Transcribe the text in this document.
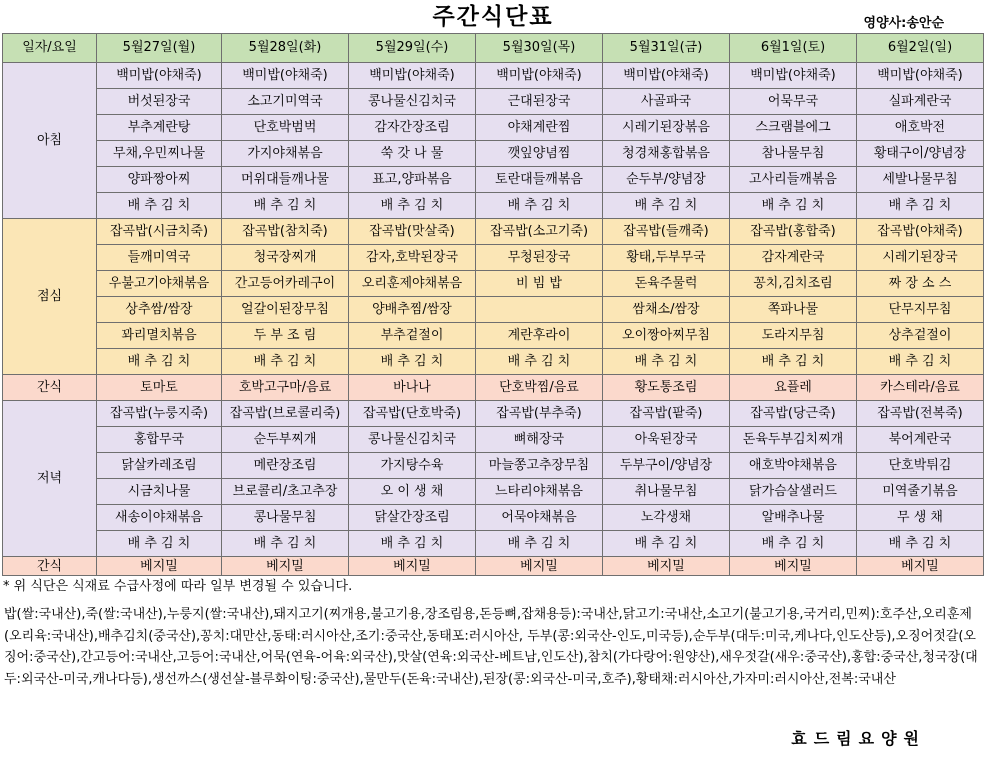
주간식단표	영양사:송안순
일자/요일	5월27일(월)	5월28일(화)	5월29일(수)	5월30일(목)	5월31일(금)	6월1일(토)	6월2일(일)
아침	백미밥(야채죽)	백미밥(야채죽)	백미밥(야채죽)	백미밥(야채죽)	백미밥(야채죽)	백미밥(야채죽)	백미밥(야채죽)
	버섯된장국	소고기미역국	콩나물신김치국	근대된장국	사골파국	어묵무국	실파계란국
	부추계란탕	단호박범벅	감자간장조림	야채계란찜	시레기된장볶음	스크램블에그	애호박전
	무채,우민찌나물	가지야채볶음	쑥 갓 나 물	깻잎양념찜	청경채홍합볶음	참나물무침	황태구이/양념장
	양파짱아찌	머위대들깨나물	표고,양파볶음	토란대들깨볶음	순두부/양념장	고사리들깨볶음	세발나물무침
	배 추 김 치	배 추 김 치	배 추 김 치	배 추 김 치	배 추 김 치	배 추 김 치	배 추 김 치
점심	잡곡밥(시금치죽)	잡곡밥(참치죽)	잡곡밥(맛살죽)	잡곡밥(소고기죽)	잡곡밥(들깨죽)	잡곡밥(홍합죽)	잡곡밥(야채죽)
	들깨미역국	청국장찌개	감자,호박된장국	무청된장국	황태,두부무국	감자계란국	시레기된장국
	우불고기야채볶음	간고등어카레구이	오리훈제야채볶음	비 빔 밥	돈육주물럭	꽁치,김치조림	짜 장 소 스
	상추쌈/쌈장	얼갈이된장무침	양배추찜/쌈장		쌈채소/쌈장	쪽파나물	단무지무침
	꽈리멸치볶음	두 부 조 림	부추겉절이	계란후라이	오이짱아찌무침	도라지무침	상추겉절이
	배 추 김 치	배 추 김 치	배 추 김 치	배 추 김 치	배 추 김 치	배 추 김 치	배 추 김 치
간식	토마토	호박고구마/음료	바나나	단호박찜/음료	황도통조림	요플레	카스테라/음료
저녁	잡곡밥(누룽지죽)	잡곡밥(브로콜리죽)	잡곡밥(단호박죽)	잡곡밥(부추죽)	잡곡밥(팥죽)	잡곡밥(당근죽)	잡곡밥(전복죽)
	홍합무국	순두부찌개	콩나물신김치국	뼈해장국	아욱된장국	돈육두부김치찌개	북어계란국
	닭살카레조림	메란장조림	가지탕수육	마늘쫑고추장무침	두부구이/양념장	애호박야채볶음	단호박튀김
	시금치나물	브로콜리/초고추장	오 이 생 채	느타리야채볶음	취나물무침	닭가슴살샐러드	미역줄기볶음
	새송이야채볶음	콩나물무침	닭살간장조림	어묵야채볶음	노각생채	알배추나물	무 생 채
	배 추 김 치	배 추 김 치	배 추 김 치	배 추 김 치	배 추 김 치	배 추 김 치	배 추 김 치
간식	베지밀	베지밀	베지밀	베지밀	베지밀	베지밀	베지밀
* 위 식단은 식재료 수급사정에 따라 일부 변경될 수 있습니다.
밥(쌀:국내산),죽(쌀:국내산),누룽지(쌀:국내산),돼지고기(찌개용,불고기용,장조림용,돈등뼈,잡채용등):국내산,닭고기:국내산,소고기(불고기용,국거리,민찌):호주산,오리훈제(오리육:국내산),배추김치(중국산),꽁치:대만산,동태:러시아산,조기:중국산,동태포:러시아산, 두부(콩:외국산-인도,미국등),순두부(대두:미국,케나다,인도산등),오징어젓갈(오징어:중국산),간고등어:국내산,고등어:국내산,어묵(연육-어육:외국산),맛살(연육:외국산-베트남,인도산),참치(가다랑어:원양산),새우젓갈(새우:중국산),홍합:중국산,청국장(대두:외국산-미국,캐나다등),생선까스(생선살-블루화이팅:중국산),물만두(돈육:국내산),된장(콩:외국산-미국,호주),황태채:러시아산,가자미:러시아산,전복:국내산
효드림요양원
